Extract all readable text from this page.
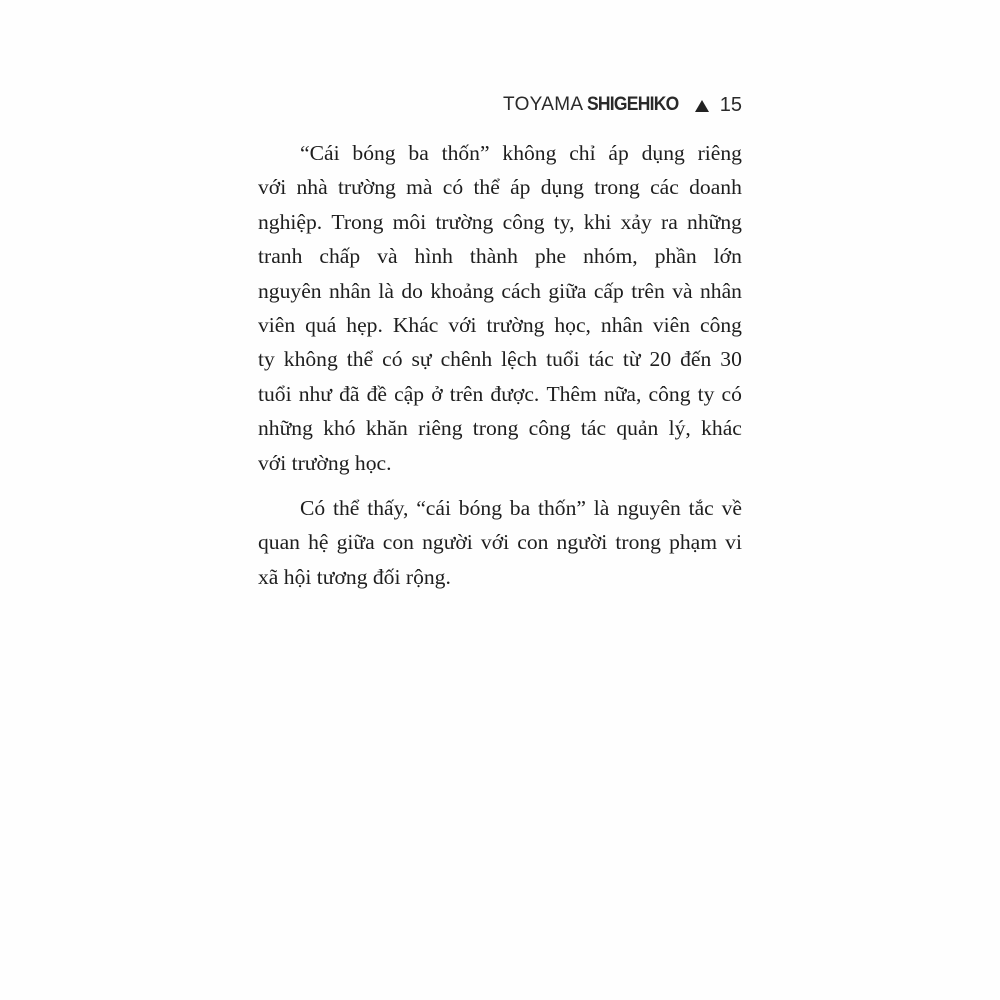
TOYAMA SHIGEHIKO 15
“Cái bóng ba thốn” không chỉ áp dụng riêng
với nhà trường mà có thể áp dụng trong các doanh
nghiệp. Trong môi trường công ty, khi xảy ra những
tranh chấp và hình thành phe nhóm, phần lớn
nguyên nhân là do khoảng cách giữa cấp trên và nhân
viên quá hẹp. Khác với trường học, nhân viên công
ty không thể có sự chênh lệch tuổi tác từ 20 đến 30
tuổi như đã đề cập ở trên được. Thêm nữa, công ty có
những khó khăn riêng trong công tác quản lý, khác
với trường học.
Có thể thấy, “cái bóng ba thốn” là nguyên tắc về
quan hệ giữa con người với con người trong phạm vi
xã hội tương đối rộng.
